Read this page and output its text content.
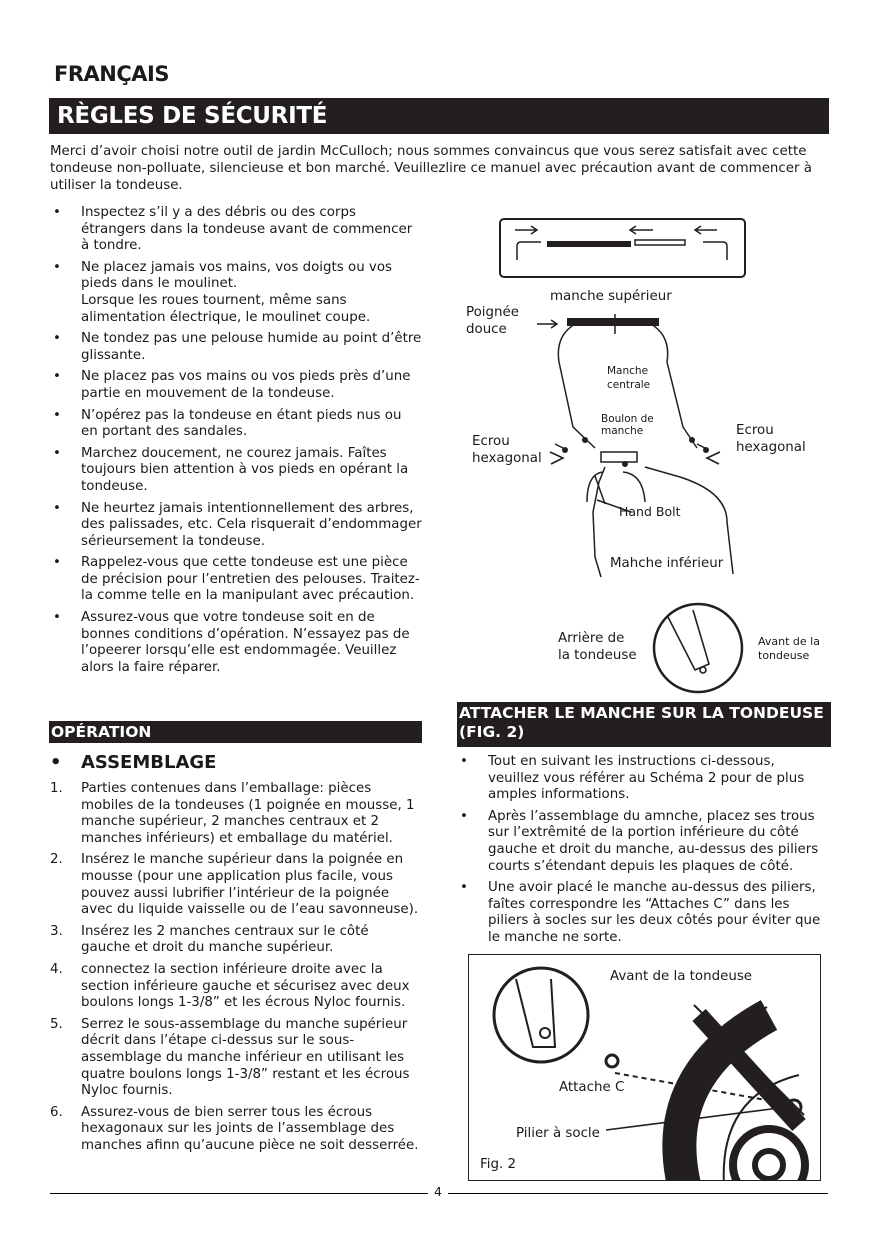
FRANÇAIS
RÈGLES DE SÉCURITÉ
Merci d’avoir choisi notre outil de jardin McCulloch; nous sommes convaincus que vous serez satisfait avec cette tondeuse non-polluate, silencieuse et bon marché. Veuillezlire ce manuel avec précaution avant de commencer à utiliser la tondeuse.
• Inspectez s’il y a des débris ou des corps étrangers dans la tondeuse avant de commencer à tondre.
• Ne placez jamais vos mains, vos doigts ou vos pieds dans le moulinet.
Lorsque les roues tournent, même sans alimentation électrique, le moulinet coupe.
• Ne tondez pas une pelouse humide au point d’être glissante.
• Ne placez pas vos mains ou vos pieds près d’une partie en mouvement de la tondeuse.
• N’opérez pas la tondeuse en étant pieds nus ou en portant des sandales.
• Marchez doucement, ne courez jamais. Faîtes toujours bien attention à vos pieds en opérant la tondeuse.
• Ne heurtez jamais intentionnellement des arbres, des palissades, etc. Cela risquerait d’endommager sérieursement la tondeuse.
• Rappelez-vous que cette tondeuse est une pièce de précision pour l’entretien des pelouses. Traitez-la comme telle en la manipulant avec précaution.
• Assurez-vous que votre tondeuse soit en de bonnes conditions d’opération. N’essayez pas de l’opeerer lorsqu’elle est endommagée. Veuillez alors la faire réparer.
OPÉRATION
• ASSEMBLAGE
1. Parties contenues dans l’emballage: pièces mobiles de la tondeuses (1 poignée en mousse, 1 manche supérieur, 2 manches centraux et 2 manches inférieurs) et emballage du matériel.
2. Insérez le manche supérieur dans la poignée en mousse (pour une application plus facile, vous pouvez aussi lubrifier l’intérieur de la poignée avec du liquide vaisselle ou de l’eau savonneuse).
3. Insérez les 2 manches centraux sur le côté gauche et droit du manche supérieur.
4. connectez la section inférieure droite avec la section inférieure gauche et sécurisez avec deux boulons longs 1-3/8” et les écrous Nyloc fournis.
5. Serrez le sous-assemblage du manche supérieur décrit dans l’étape ci-dessus sur le sous-assemblage du manche inférieur en utilisant les quatre boulons longs 1-3/8” restant et les écrous Nyloc fournis.
6. Assurez-vous de bien serrer tous les écrous hexagonaux sur les joints de l’assemblage des manches afinn qu’aucune pièce ne soit desserrée.
manche supérieur
Poignée
douce
Manche
centrale
Boulon de
manche
Ecrou
hexagonal
Ecrou
hexagonal
Hand Bolt
Mahche inférieur
Arrière de
la tondeuse
Avant de la
tondeuse
ATTACHER LE MANCHE SUR LA TONDEUSE (FIG. 2)
• Tout en suivant les instructions ci-dessous, veuillez vous référer au Schéma 2 pour de plus amples informations.
• Après l’assemblage du amnche, placez ses trous sur l’extrêmité de la portion inférieure du côté gauche et droit du manche, au-dessus des piliers courts s’étendant depuis les plaques de côté.
• Une avoir placé le manche au-dessus des piliers, faîtes correspondre les “Attaches C” dans les piliers à socles sur les deux côtés pour éviter que le manche ne sorte.
Avant de la tondeuse
Attache C
Pilier à socle
Fig. 2
4
